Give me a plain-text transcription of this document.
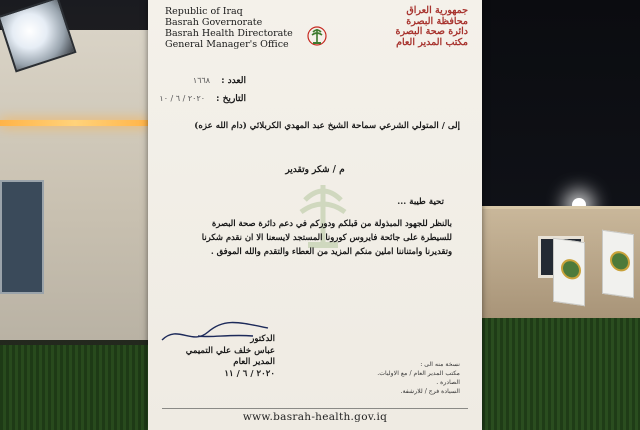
Republic of Iraq
Basrah Governorate
Basrah Health Directorate
General Manager's Office
جمهورية العراق
محافظة البصرة
دائرة صحة البصرة
مكتب المدير العام
العدد : ١٦٦٨
التاريخ : ٢٠٢٠ / ٦ / ١٠
إلى / المتولي الشرعي سماحة الشيخ عبد المهدي الكربلائي (دام الله عزه)
م / شكر وتقدير
تحية طيبة ...
بالنظر للجهود المبذولة من قبلكم ودوركم في دعم دائرة صحة البصرة
للسيطرة على جائحة فايروس كورونا المستجد لايسعنا الا ان نقدم شكرنا
وتقديرنا وامتناننا املين منكم المزيد من العطاء والتقدم والله الموفق .
الدكتور
عباس خلف علي التميمي
المدير العام
٢٠٢٠ / ٦ / ١١
نسخة منه الى :
مكتب المدير العام / مع الاوليات.
الصادرة .
السيادة فرج / للارشفة.
www.basrah-health.gov.iq
